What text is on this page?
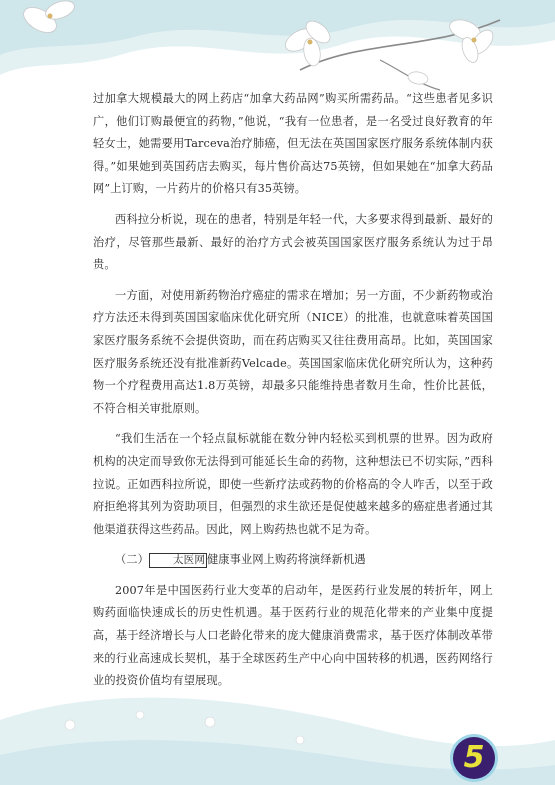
过加拿大规模最大的网上药店“加拿大药品网”购买所需药品。“这些患者见多识广，他们订购最便宜的药物，”他说，“我有一位患者，是一名受过良好教育的年轻女士，她需要用Tarceva治疗肺癌，但无法在英国国家医疗服务系统体制内获得。”如果她到英国药店去购买，每片售价高达75英镑，但如果她在“加拿大药品网”上订购，一片药片的价格只有35英镑。

西科拉分析说，现在的患者，特别是年轻一代，大多要求得到最新、最好的治疗，尽管那些最新、最好的治疗方式会被英国国家医疗服务系统认为过于昂贵。

一方面，对使用新药物治疗癌症的需求在增加；另一方面，不少新药物或治疗方法还未得到英国国家临床优化研究所（NICE）的批准，也就意味着英国国家医疗服务系统不会提供资助，而在药店购买又往往费用高昂。比如，英国国家医疗服务系统还没有批准新药Velcade。英国国家临床优化研究所认为，这种药物一个疗程费用高达1.8万英镑，却最多只能维持患者数月生命，性价比甚低，不符合相关审批原则。

“我们生活在一个轻点鼠标就能在数分钟内轻松买到机票的世界。因为政府机构的决定而导致你无法得到可能延长生命的药物，这种想法已不切实际，”西科拉说。正如西科拉所说，即使一些新疗法或药物的价格高的令人咋舌，以至于政府拒绝将其列为资助项目，但强烈的求生欲还是促使越来越多的癌症患者通过其他渠道获得这些药品。因此，网上购药热也就不足为奇。

（二） 太医网 健康事业网上购药将演绎新机遇

2007年是中国医药行业大变革的启动年，是医药行业发展的转折年，网上购药面临快速成长的历史性机遇。基于医药行业的规范化带来的产业集中度提高，基于经济增长与人口老龄化带来的庞大健康消费需求，基于医疗体制改革带来的行业高速成长契机，基于全球医药生产中心向中国转移的机遇，医药网络行业的投资价值均有望展现。

5
